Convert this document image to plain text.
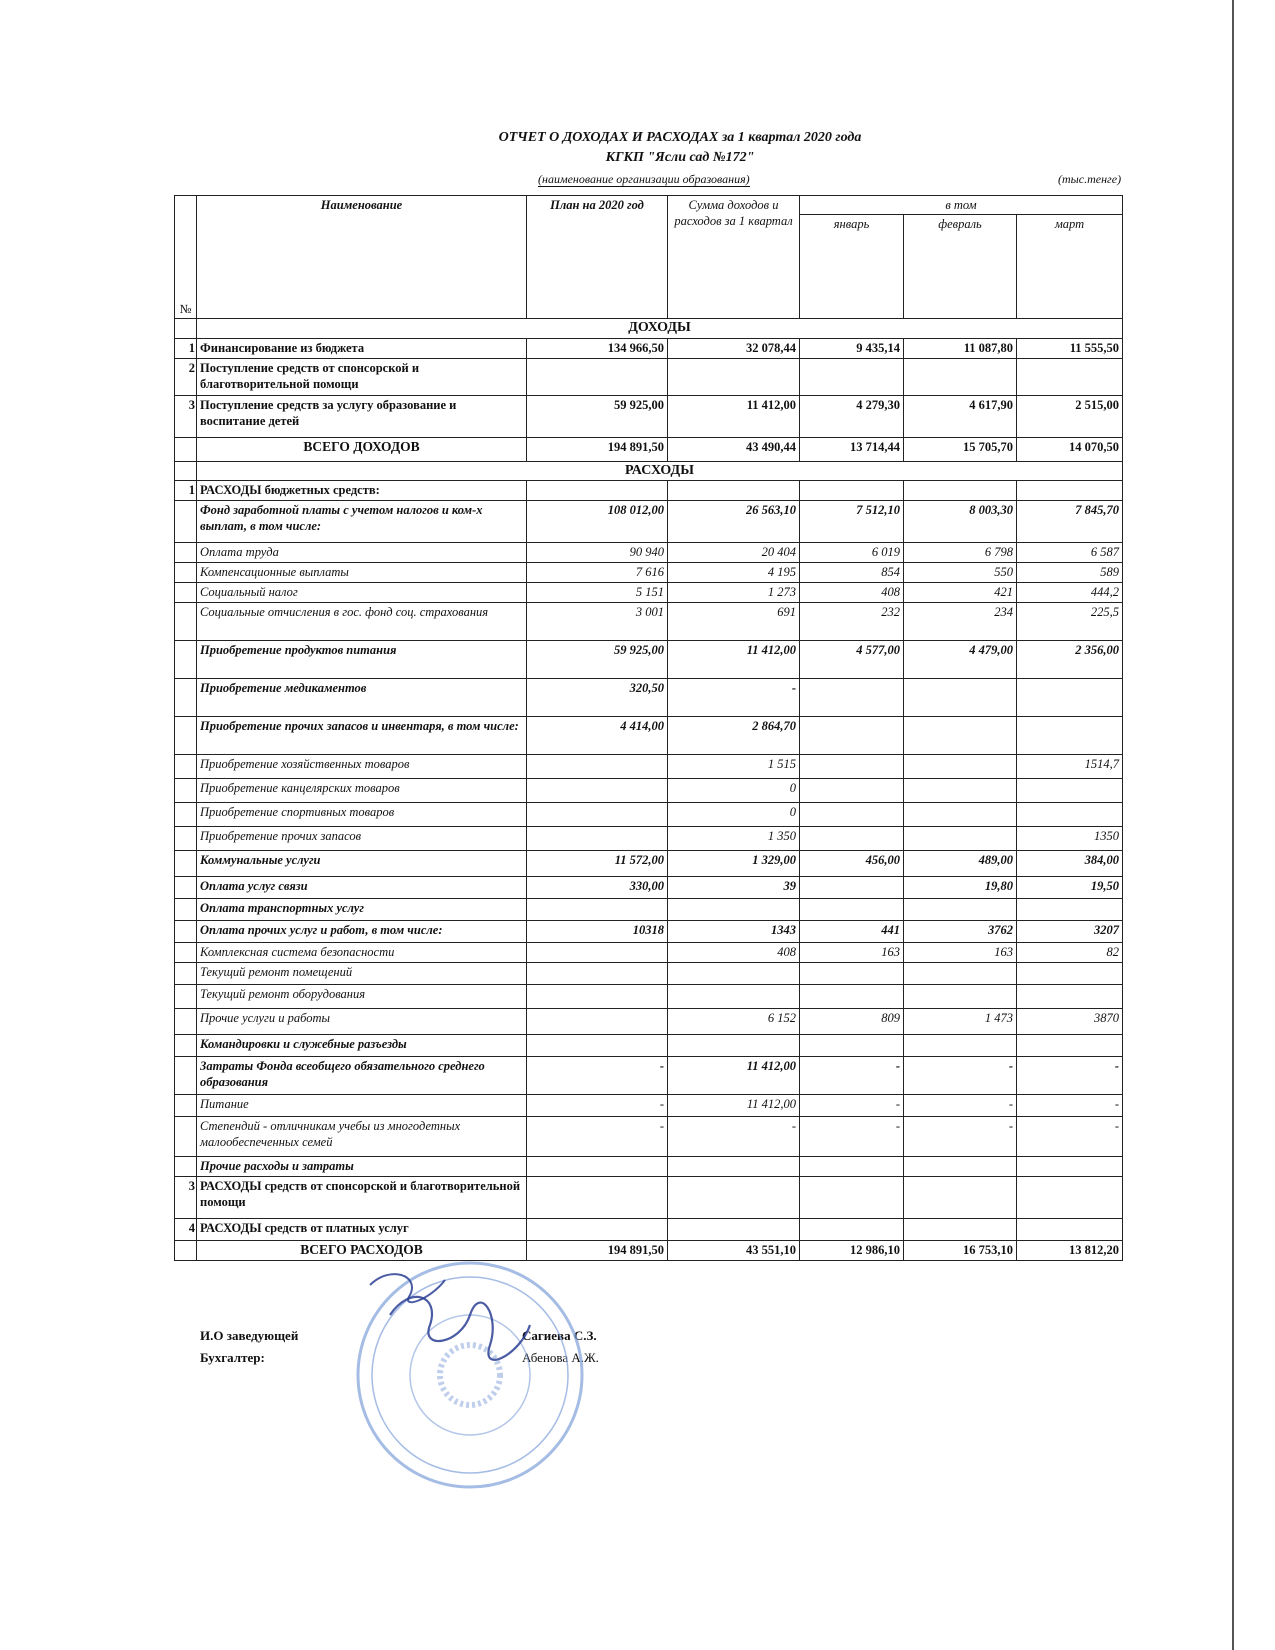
ОТЧЕТ О ДОХОДАХ И РАСХОДАХ за 1 квартал 2020 года
КГКП "Ясли сад №172"
(наименование организации образования)	(тыс.тенге)
№	Наименование	План на 2020 год	Сумма доходов и расходов за 1 квартал	в том		
				январь	февраль	март
	ДОХОДЫ					
1	Финансирование из бюджета	134 966,50	32 078,44	9 435,14	11 087,80	11 555,50
2	Поступление средств от спонсорской и благотворительной помощи					
3	Поступление средств за услугу образование и воспитание детей	59 925,00	11 412,00	4 279,30	4 617,90	2 515,00
	ВСЕГО ДОХОДОВ	194 891,50	43 490,44	13 714,44	15 705,70	14 070,50
	РАСХОДЫ					
1	РАСХОДЫ бюджетных средств:					
	Фонд заработной платы с учетом налогов и ком-х выплат, в том числе:	108 012,00	26 563,10	7 512,10	8 003,30	7 845,70
	Оплата труда	90 940	20 404	6 019	6 798	6 587
	Компенсационные выплаты	7 616	4 195	854	550	589
	Социальный налог	5 151	1 273	408	421	444,2
	Социальные отчисления в гос. фонд соц. страхования	3 001	691	232	234	225,5
	Приобретение продуктов питания	59 925,00	11 412,00	4 577,00	4 479,00	2 356,00
	Приобретение медикаментов	320,50	-			
	Приобретение прочих запасов и инвентаря, в том числе:	4 414,00	2 864,70			
	Приобретение хозяйственных товаров		1 515			1514,7
	Приобретение канцелярских товаров		0			
	Приобретение спортивных товаров		0			
	Приобретение прочих запасов		1 350			1350
	Коммунальные услуги	11 572,00	1 329,00	456,00	489,00	384,00
	Оплата услуг связи	330,00	39		19,80	19,50
	Оплата транспортных услуг					
	Оплата прочих услуг и работ, в том числе:	10318	1343	441	3762	3207
	Комплексная система безопасности		408	163	163	82
	Текущий ремонт помещений					
	Текущий ремонт оборудования					
	Прочие услуги и работы		6 152	809	1 473	3870
	Командировки и служебные разъезды					
	Затраты Фонда всеобщего обязательного среднего образования	-	11 412,00	-	-	-
	Питание	-	11 412,00	-	-	-
	Степендий - отличникам учебы из многодетных малообеспеченных семей	-	-	-	-	-
	Прочие расходы и затраты					
3	РАСХОДЫ средств от спонсорской и благотворительной помощи					
4	РАСХОДЫ средств от платных услуг					
	ВСЕГО РАСХОДОВ	194 891,50	43 551,10	12 986,10	16 753,10	13 812,20
И.О заведующей	Сагиева С.З.
Бухгалтер:	Абенова А.Ж.
